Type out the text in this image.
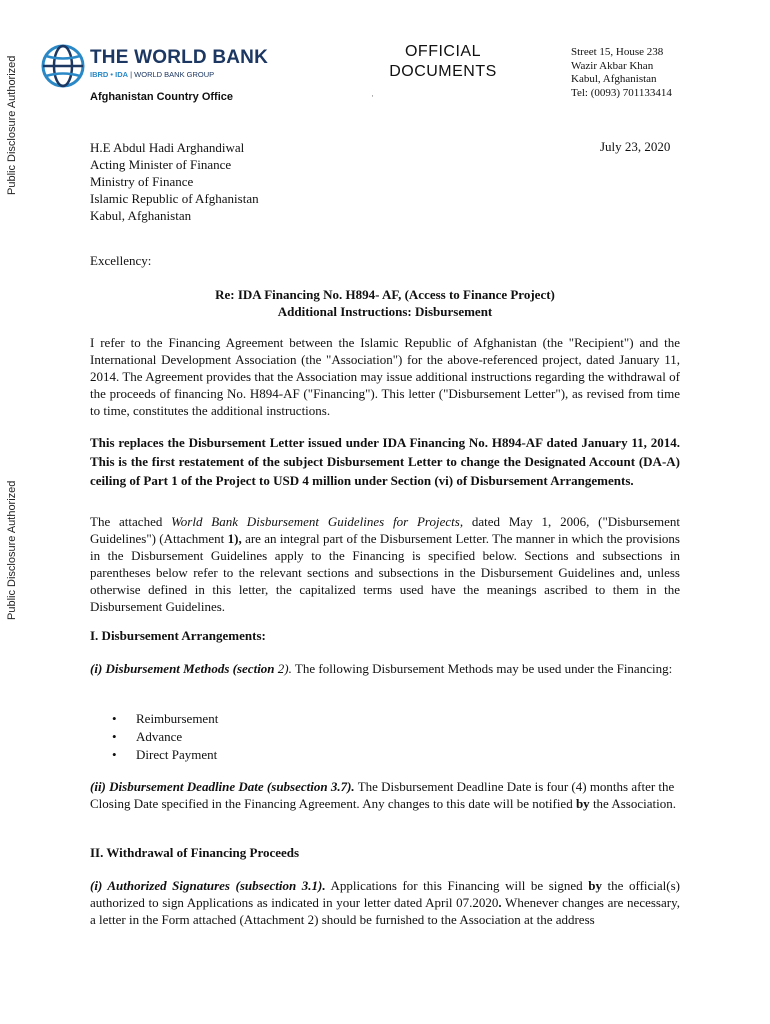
Public Disclosure Authorized
Public Disclosure Authorized
THE WORLD BANK
IBRD • IDA | WORLD BANK GROUP
Afghanistan Country Office
OFFICIAL
DOCUMENTS
·
Street 15, House 238
Wazir Akbar Khan
Kabul, Afghanistan
Tel: (0093) 701133414
July 23, 2020
H.E Abdul Hadi Arghandiwal
Acting Minister of Finance
Ministry of Finance
Islamic Republic of Afghanistan
Kabul, Afghanistan
Excellency:
Re: IDA Financing No. H894- AF, (Access to Finance Project)
Additional Instructions: Disbursement

I refer to the Financing Agreement between the Islamic Republic of Afghanistan (the "Recipient") and the International Development Association (the "Association") for the above-referenced project, dated January 11, 2014. The Agreement provides that the Association may issue additional instructions regarding the withdrawal of the proceeds of financing No. H894-AF ("Financing"). This letter ("Disbursement Letter"), as revised from time to time, constitutes the additional instructions.

This replaces the Disbursement Letter issued under IDA Financing No. H894-AF dated January 11, 2014. This is the first restatement of the subject Disbursement Letter to change the Designated Account (DA-A) ceiling of Part 1 of the Project to USD 4 million under Section (vi) of Disbursement Arrangements.

The attached World Bank Disbursement Guidelines for Projects, dated May 1, 2006, ("Disbursement Guidelines") (Attachment 1), are an integral part of the Disbursement Letter. The manner in which the provisions in the Disbursement Guidelines apply to the Financing is specified below. Sections and subsections in parentheses below refer to the relevant sections and subsections in the Disbursement Guidelines and, unless otherwise defined in this letter, the capitalized terms used have the meanings ascribed to them in the Disbursement Guidelines.

I. Disbursement Arrangements:

(i) Disbursement Methods (section 2). The following Disbursement Methods may be used under the Financing:

• Reimbursement
• Advance
• Direct Payment

(ii) Disbursement Deadline Date (subsection 3.7). The Disbursement Deadline Date is four (4) months after the Closing Date specified in the Financing Agreement. Any changes to this date will be notified by the Association.

II. Withdrawal of Financing Proceeds

(i) Authorized Signatures (subsection 3.1). Applications for this Financing will be signed by the official(s) authorized to sign Applications as indicated in your letter dated April 07.2020. Whenever changes are necessary, a letter in the Form attached (Attachment 2) should be furnished to the Association at the address
